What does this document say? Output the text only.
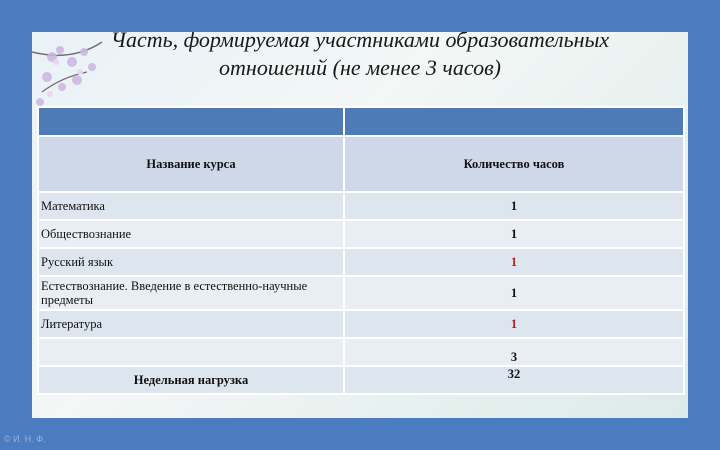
Часть, формируемая участниками образовательных
отношений (не менее 3 часов)

Название курса	Количество часов
Математика	1
Обществознание	1
Русский язык	1
Естествознание. Введение в естественно-научные предметы	1
Литература	1
	3
Недельная нагрузка	32
© И. Н. Ф.
